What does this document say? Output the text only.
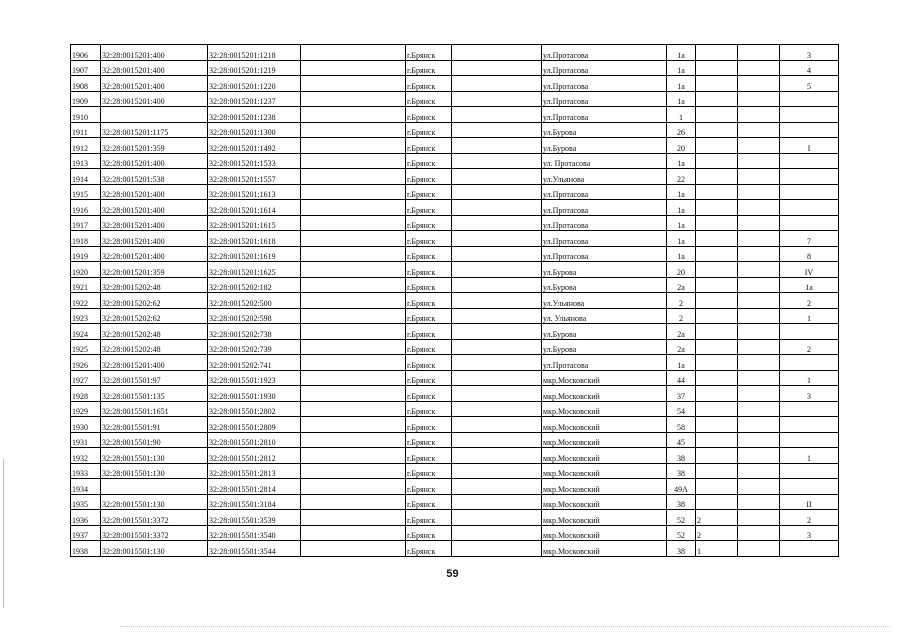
1906	32:28:0015201:400	32:28:0015201:1218		г.Брянск		ул.Протасова	1а			3
1907	32:28:0015201:400	32:28:0015201:1219		г.Брянск		ул.Протасова	1а			4
1908	32:28:0015201:400	32:28:0015201:1220		г.Брянск		ул.Протасова	1а			5
1909	32:28:0015201:400	32:28:0015201:1237		г.Брянск		ул.Протасова	1а			
1910		32:28:0015201:1238		г.Брянск		ул.Протасова	1			
1911	32:28:0015201:1175	32:28:0015201:1300		г.Брянск		ул.Бурова	26			
1912	32:28:0015201:359	32:28:0015201:1492		г.Брянск		ул.Бурова	20			I
1913	32:28:0015201:400	32:28:0015201:1533		г.Брянск		ул. Протасова	1а			
1914	32:28:0015201:538	32:28:0015201:1557		г.Брянск		ул.Ульянова	22			
1915	32:28:0015201:400	32:28:0015201:1613		г.Брянск		ул.Протасова	1а			
1916	32:28:0015201:400	32:28:0015201:1614		г.Брянск		ул.Протасова	1а			
1917	32:28:0015201:400	32:28:0015201:1615		г.Брянск		ул.Протасова	1а			
1918	32:28:0015201:400	32:28:0015201:1618		г.Брянск		ул.Протасова	1а			7
1919	32:28:0015201:400	32:28:0015201:1619		г.Брянск		ул.Протасова	1а			8
1920	32:28:0015201:359	32:28:0015201:1625		г.Брянск		ул.Бурова	20			IV
1921	32:28:0015202:48	32:28:0015202:182		г.Брянск		ул.Бурова	2а			1а
1922	32:28:0015202:62	32:28:0015202:500		г.Брянск		ул.Ульянова	2			2
1923	32:28:0015202:62	32:28:0015202:598		г.Брянск		ул. Ульянова	2			1
1924	32:28:0015202:48	32:28:0015202:738		г.Брянск		ул.Бурова	2а			
1925	32:28:0015202:48	32:28:0015202:739		г.Брянск		ул.Бурова	2а			2
1926	32:28:0015201:400	32:28:0015202:741		г.Брянск		ул.Протасова	1а			
1927	32:28:0015501:97	32:28:0015501:1923		г.Брянск		мкр.Московский	44			1
1928	32:28:0015501:135	32:28:0015501:1930		г.Брянск		мкр.Московский	37			3
1929	32:28:0015501:1651	32:28:0015501:2802		г.Брянск		мкр.Московский	54			
1930	32:28:0015501:91	32:28:0015501:2809		г.Брянск		мкр.Московский	58			
1931	32:28:0015501:90	32:28:0015501:2810		г.Брянск		мкр.Московский	45			
1932	32:28:0015501:130	32:28:0015501:2812		г.Брянск		мкр.Московский	38			1
1933	32:28:0015501:130	32:28:0015501:2813		г.Брянск		мкр.Московский	38			
1934		32:28:0015501:2814		г.Брянск		мкр.Московский	49А			
1935	32:28:0015501:130	32:28:0015501:3184		г.Брянск		мкр.Московский	38			II
1936	32:28:0015501:3372	32:28:0015501:3539		г.Брянск		мкр.Московский	52	2		2
1937	32:28:0015501:3372	32:28:0015501:3540		г.Брянск		мкр.Московский	52	2		3
1938	32:28:0015501:130	32:28:0015501:3544		г.Брянск		мкр.Московский	38	1		
59
